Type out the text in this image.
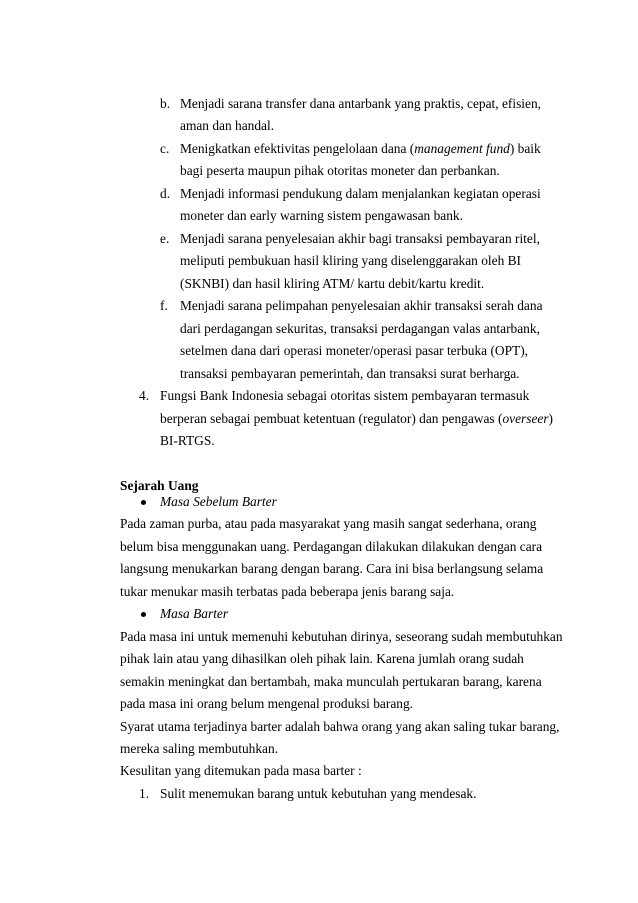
b. Menjadi sarana transfer dana antarbank yang praktis, cepat, efisien,
aman dan handal.
c. Menigkatkan efektivitas pengelolaan dana (management fund) baik
bagi peserta maupun pihak otoritas moneter dan perbankan.
d. Menjadi informasi pendukung dalam menjalankan kegiatan operasi
moneter dan early warning sistem pengawasan bank.
e. Menjadi sarana penyelesaian akhir bagi transaksi pembayaran ritel,
meliputi pembukuan hasil kliring yang diselenggarakan oleh BI
(SKNBI) dan hasil kliring ATM/ kartu debit/kartu kredit.
f. Menjadi sarana pelimpahan penyelesaian akhir transaksi serah dana
dari perdagangan sekuritas, transaksi perdagangan valas antarbank,
setelmen dana dari operasi moneter/operasi pasar terbuka (OPT),
transaksi pembayaran pemerintah, dan transaksi surat berharga.
4. Fungsi Bank Indonesia sebagai otoritas sistem pembayaran termasuk
berperan sebagai pembuat ketentuan (regulator) dan pengawas (overseer)
BI-RTGS.
Sejarah Uang
Masa Sebelum Barter
Pada zaman purba, atau pada masyarakat yang masih sangat sederhana, orang
belum bisa menggunakan uang. Perdagangan dilakukan dilakukan dengan cara
langsung menukarkan barang dengan barang. Cara ini bisa berlangsung selama
tukar menukar masih terbatas pada beberapa jenis barang saja.
Masa Barter
Pada masa ini untuk memenuhi kebutuhan dirinya, seseorang sudah membutuhkan
pihak lain atau yang dihasilkan oleh pihak lain. Karena jumlah orang sudah
semakin meningkat dan bertambah, maka munculah pertukaran barang, karena
pada masa ini orang belum mengenal produksi barang.
Syarat utama terjadinya barter adalah bahwa orang yang akan saling tukar barang,
mereka saling membutuhkan.
Kesulitan yang ditemukan pada masa barter :
1. Sulit menemukan barang untuk kebutuhan yang mendesak.
